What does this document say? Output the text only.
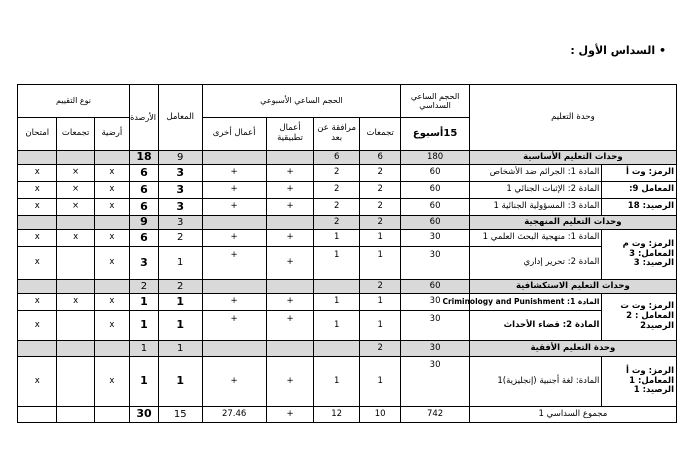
• السداس الأول :
وحدة التعليم		الحجم الساعي السداسي	الحجم الساعي الأسبوعي				المعامل	الأرصدة	نوع التقييم		
		15أسبوع	تجمعات	مرافقة عن بعد	أعمال تطبيقية	أعمال أخرى			أرضية	تجمعات	امتحان
وحدات التعليم الأساسية		180	6	6			9	18			
الرمز: وت أ	المادة 1: الجرائم ضد الأشخاص	60	2	2	+	+	3	6	x	×	x
المعامل 9:	المادة 2: الإثبات الجنائي 1	60	2	2	+	+	3	6	x	×	x
الرصيد: 18	المادة 3: المسؤولية الجنائية 1	60	2	2	+	+	3	6	x	×	x
وحدات التعليم المنهجية		60	2	2			3	9			

الرمز: وت م
المعامل: 3
الرصيد: 3	المادة 1: منهجية البحث العلمي 1	30	1	1	+	+	2	6	x	x	x
	المادة 2: تحرير إداري	30	1	1	+	+	1	3	x		x
وحدات التعليم الاستكشافية		60	2				2	2			

الرمز: وت ت
المعامل : 2
الرصيد2	المادة 1: Criminology and Punishment	30	1	1	+	+	1	1	x	x	x
	المادة 2: قضاء الأحداث	30	1	1	+	+	1	1	x		x
وحدة التعليم الأفقية		30	2				1	1			

الرمز: وت أ
المعامل: 1
الرصيد: 1	المادة: لغة أجنبية (إنجليزية)1	30	1	1	+	+	1	1	x		x
مجموع السداسي 1		742	10	12	+	27.46	15	30			
